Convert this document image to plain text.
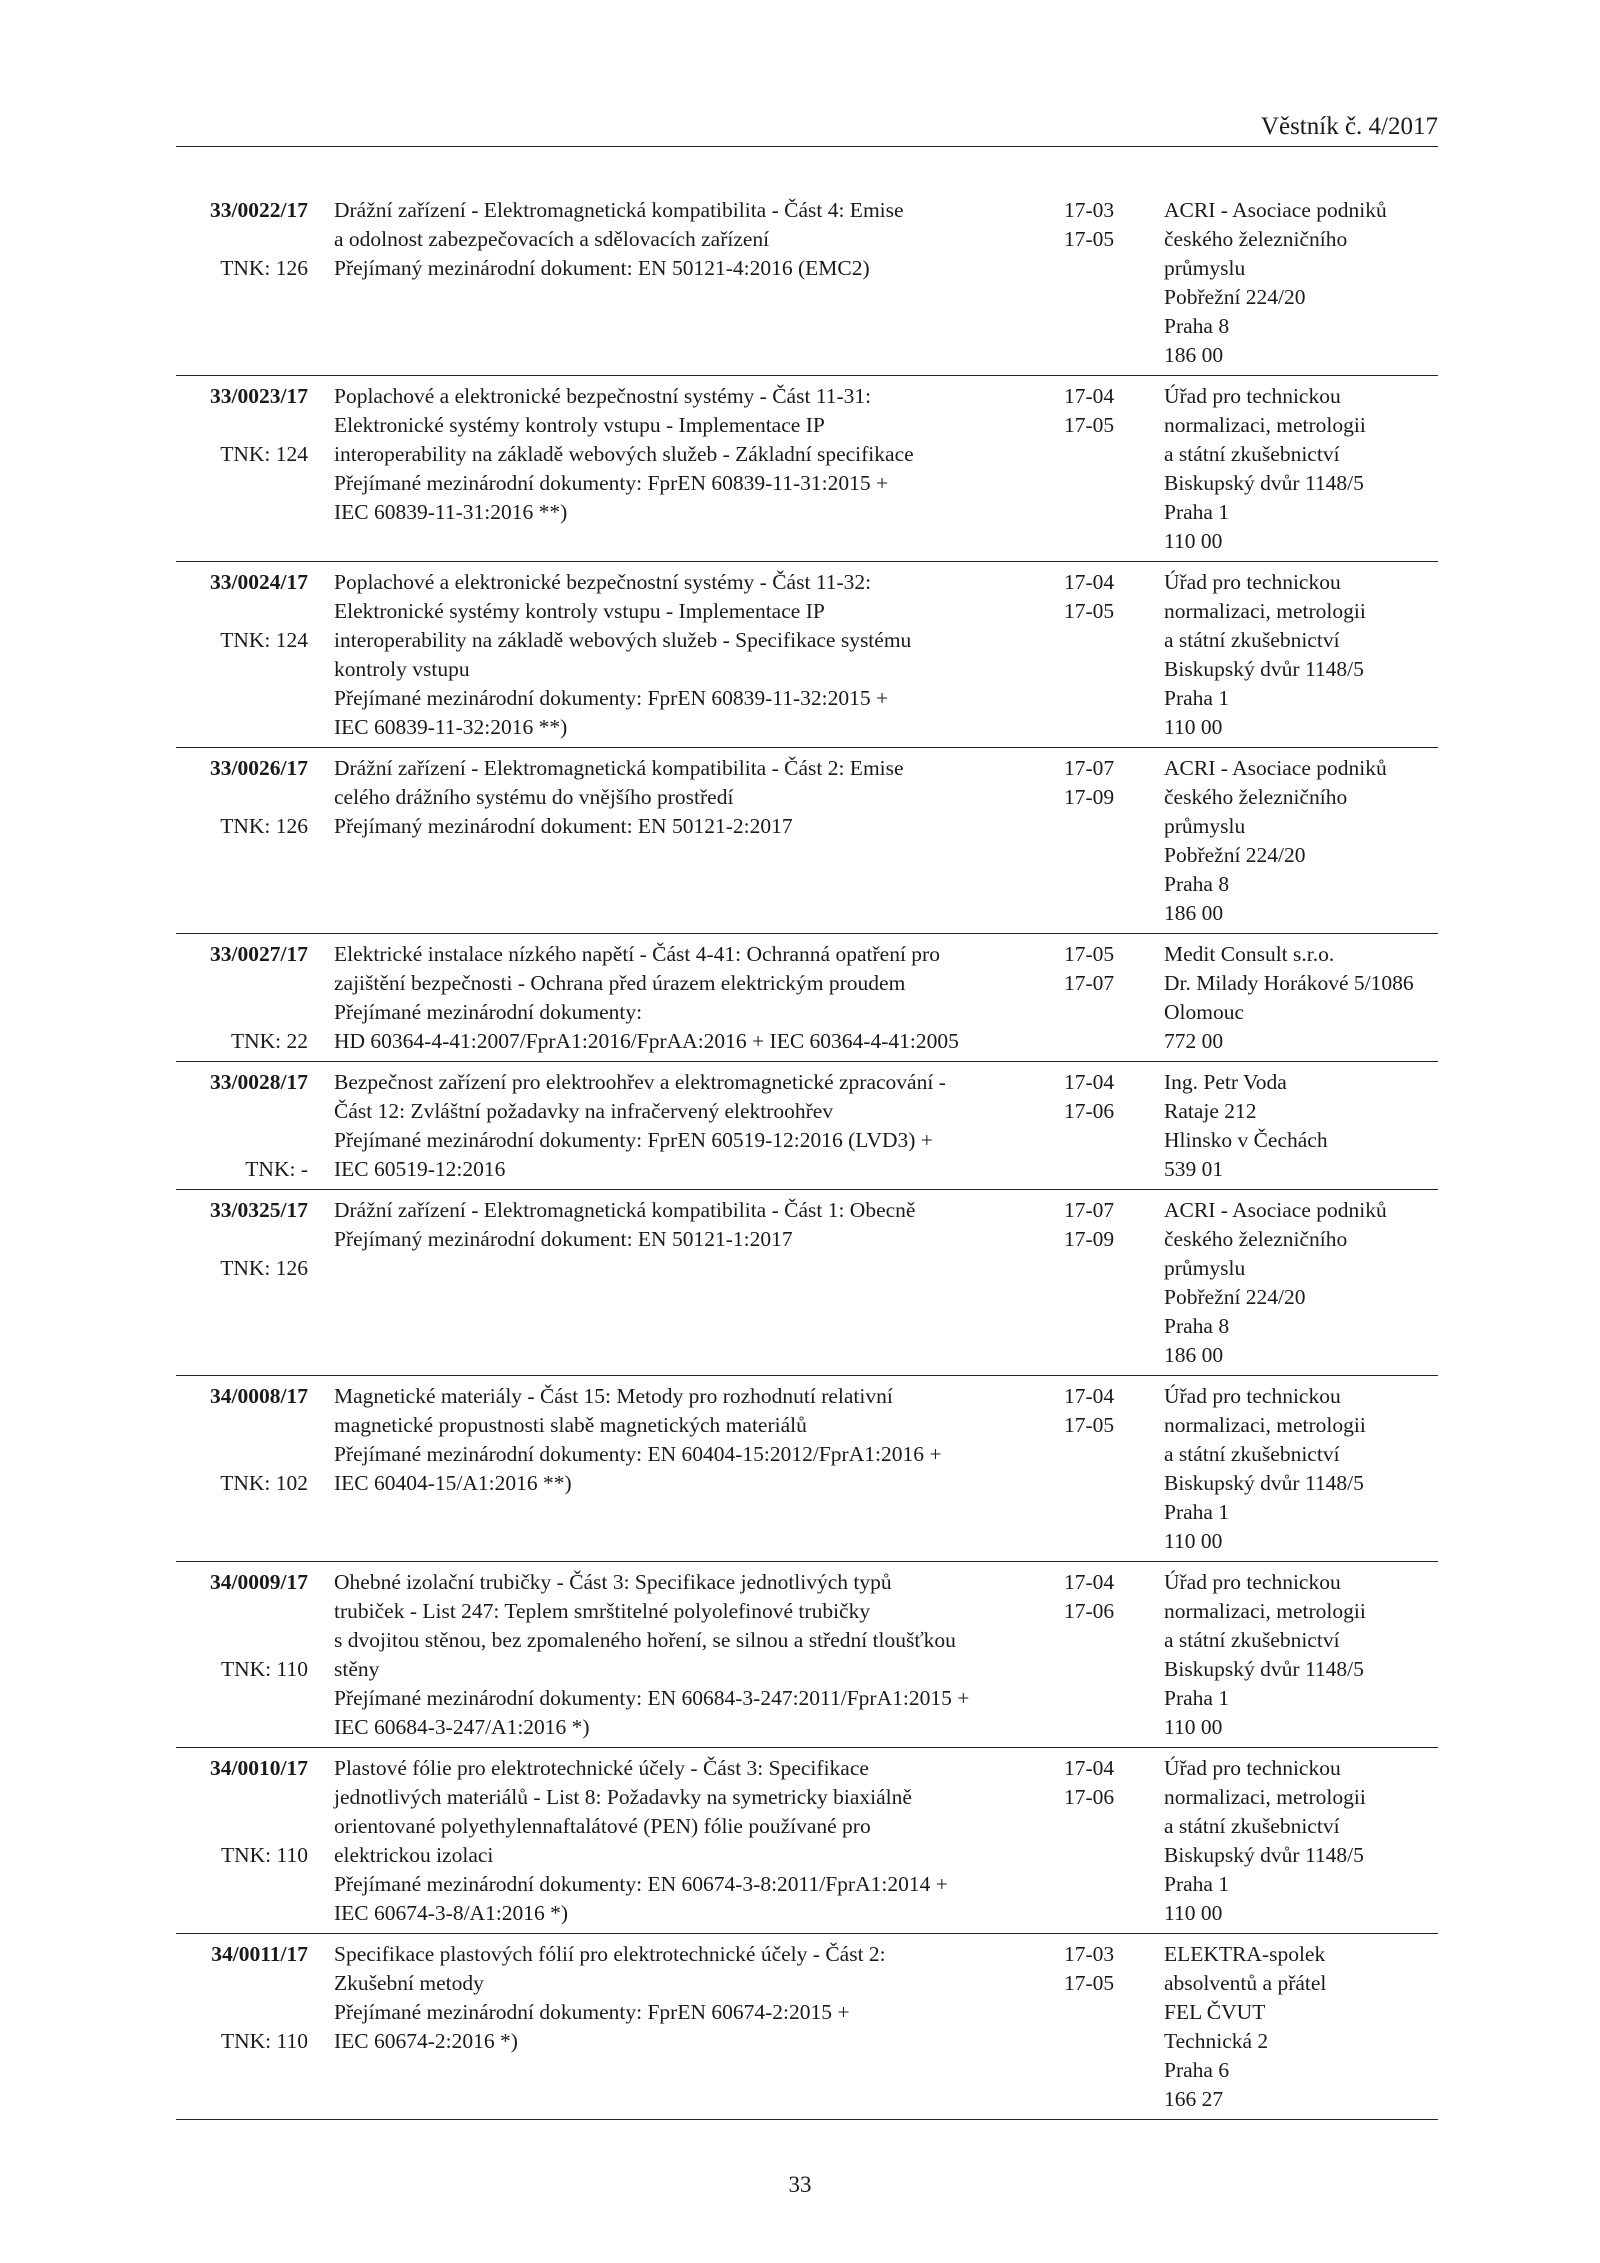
Věstník č. 4/2017
33/0022/17
TNK: 126
Drážní zařízení - Elektromagnetická kompatibilita - Část 4: Emise
a odolnost zabezpečovacích a sdělovacích zařízení
Přejímaný mezinárodní dokument: EN 50121-4:2016 (EMC2)
17-03
17-05
ACRI - Asociace podniků
českého železničního
průmyslu
Pobřežní 224/20
Praha 8
186 00
33/0023/17
TNK: 124
Poplachové a elektronické bezpečnostní systémy - Část 11-31:
Elektronické systémy kontroly vstupu - Implementace IP
interoperability na základě webových služeb - Základní specifikace
Přejímané mezinárodní dokumenty: FprEN 60839-11-31:2015 +
IEC 60839-11-31:2016 **)
17-04
17-05
Úřad pro technickou
normalizaci, metrologii
a státní zkušebnictví
Biskupský dvůr 1148/5
Praha 1
110 00
33/0024/17
TNK: 124
Poplachové a elektronické bezpečnostní systémy - Část 11-32:
Elektronické systémy kontroly vstupu - Implementace IP
interoperability na základě webových služeb - Specifikace systému
kontroly vstupu
Přejímané mezinárodní dokumenty: FprEN 60839-11-32:2015 +
IEC 60839-11-32:2016 **)
17-04
17-05
Úřad pro technickou
normalizaci, metrologii
a státní zkušebnictví
Biskupský dvůr 1148/5
Praha 1
110 00
33/0026/17
TNK: 126
Drážní zařízení - Elektromagnetická kompatibilita - Část 2: Emise
celého drážního systému do vnějšího prostředí
Přejímaný mezinárodní dokument: EN 50121-2:2017
17-07
17-09
ACRI - Asociace podniků
českého železničního
průmyslu
Pobřežní 224/20
Praha 8
186 00
33/0027/17
TNK: 22
Elektrické instalace nízkého napětí - Část 4-41: Ochranná opatření pro
zajištění bezpečnosti - Ochrana před úrazem elektrickým proudem
Přejímané mezinárodní dokumenty:
HD 60364-4-41:2007/FprA1:2016/FprAA:2016 + IEC 60364-4-41:2005
17-05
17-07
Medit Consult s.r.o.
Dr. Milady Horákové 5/1086
Olomouc
772 00
33/0028/17
TNK: -
Bezpečnost zařízení pro elektroohřev a elektromagnetické zpracování -
Část 12: Zvláštní požadavky na infračervený elektroohřev
Přejímané mezinárodní dokumenty: FprEN 60519-12:2016 (LVD3) +
IEC 60519-12:2016
17-04
17-06
Ing. Petr Voda
Rataje 212
Hlinsko v Čechách
539 01
33/0325/17
TNK: 126
Drážní zařízení - Elektromagnetická kompatibilita - Část 1: Obecně
Přejímaný mezinárodní dokument: EN 50121-1:2017
17-07
17-09
ACRI - Asociace podniků
českého železničního
průmyslu
Pobřežní 224/20
Praha 8
186 00
34/0008/17
TNK: 102
Magnetické materiály - Část 15: Metody pro rozhodnutí relativní
magnetické propustnosti slabě magnetických materiálů
Přejímané mezinárodní dokumenty: EN 60404-15:2012/FprA1:2016 +
IEC 60404-15/A1:2016 **)
17-04
17-05
Úřad pro technickou
normalizaci, metrologii
a státní zkušebnictví
Biskupský dvůr 1148/5
Praha 1
110 00
34/0009/17
TNK: 110
Ohebné izolační trubičky - Část 3: Specifikace jednotlivých typů
trubiček - List 247: Teplem smrštitelné polyolefinové trubičky
s dvojitou stěnou, bez zpomaleného hoření, se silnou a střední tloušťkou
stěny
Přejímané mezinárodní dokumenty: EN 60684-3-247:2011/FprA1:2015 +
IEC 60684-3-247/A1:2016 *)
17-04
17-06
Úřad pro technickou
normalizaci, metrologii
a státní zkušebnictví
Biskupský dvůr 1148/5
Praha 1
110 00
34/0010/17
TNK: 110
Plastové fólie pro elektrotechnické účely - Část 3: Specifikace
jednotlivých materiálů - List 8: Požadavky na symetricky biaxiálně
orientované polyethylennaftalátové (PEN) fólie používané pro
elektrickou izolaci
Přejímané mezinárodní dokumenty: EN 60674-3-8:2011/FprA1:2014 +
IEC 60674-3-8/A1:2016 *)
17-04
17-06
Úřad pro technickou
normalizaci, metrologii
a státní zkušebnictví
Biskupský dvůr 1148/5
Praha 1
110 00
34/0011/17
TNK: 110
Specifikace plastových fólií pro elektrotechnické účely - Část 2:
Zkušební metody
Přejímané mezinárodní dokumenty: FprEN 60674-2:2015 +
IEC 60674-2:2016 *)
17-03
17-05
ELEKTRA-spolek
absolventů a přátel
FEL ČVUT
Technická 2
Praha 6
166 27
33
